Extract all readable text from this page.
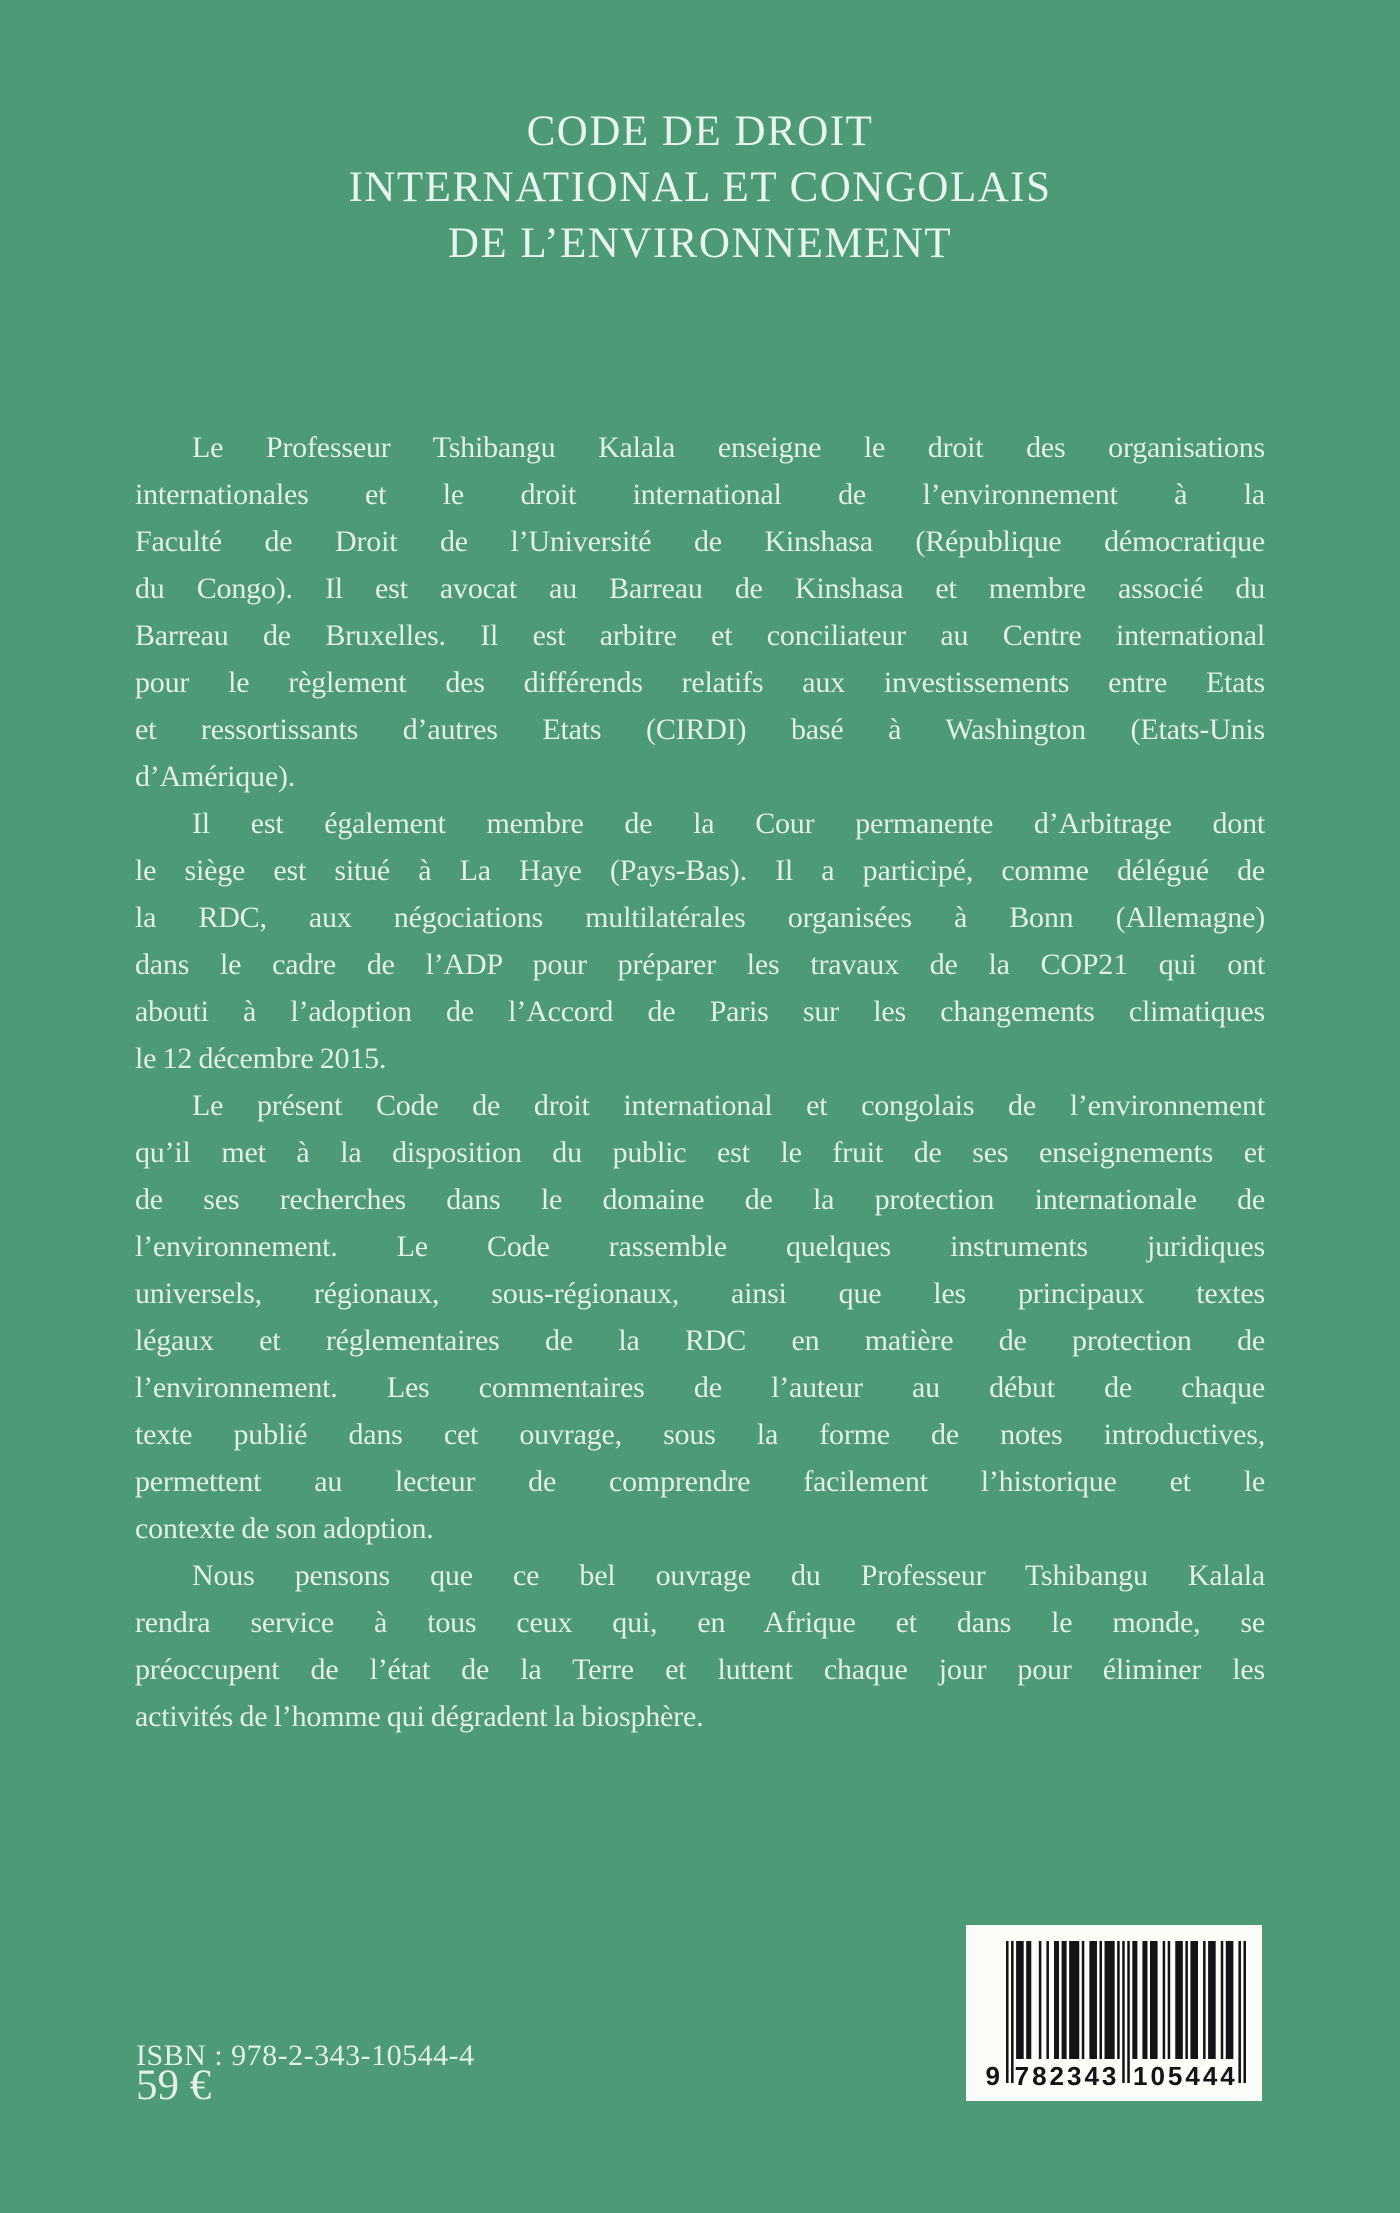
CODE DE DROIT
INTERNATIONAL ET CONGOLAIS
DE L’ENVIRONNEMENT
Le Professeur Tshibangu Kalala enseigne le droit des organisations
internationales et le droit international de l’environnement à la
Faculté de Droit de l’Université de Kinshasa (République démocratique
du Congo). Il est avocat au Barreau de Kinshasa et membre associé du
Barreau de Bruxelles. Il est arbitre et conciliateur au Centre international
pour le règlement des différends relatifs aux investissements entre Etats
et ressortissants d’autres Etats (CIRDI) basé à Washington (Etats-Unis
d’Amérique).
Il est également membre de la Cour permanente d’Arbitrage dont
le siège est situé à La Haye (Pays-Bas). Il a participé, comme délégué de
la RDC, aux négociations multilatérales organisées à Bonn (Allemagne)
dans le cadre de l’ADP pour préparer les travaux de la COP21 qui ont
abouti à l’adoption de l’Accord de Paris sur les changements climatiques
le 12 décembre 2015.
Le présent Code de droit international et congolais de l’environnement
qu’il met à la disposition du public est le fruit de ses enseignements et
de ses recherches dans le domaine de la protection internationale de
l’environnement. Le Code rassemble quelques instruments juridiques
universels, régionaux, sous-régionaux, ainsi que les principaux textes
légaux et réglementaires de la RDC en matière de protection de
l’environnement. Les commentaires de l’auteur au début de chaque
texte publié dans cet ouvrage, sous la forme de notes introductives,
permettent au lecteur de comprendre facilement l’historique et le
contexte de son adoption.
Nous pensons que ce bel ouvrage du Professeur Tshibangu Kalala
rendra service à tous ceux qui, en Afrique et dans le monde, se
préoccupent de l’état de la Terre et luttent chaque jour pour éliminer les
activités de l’homme qui dégradent la biosphère.
ISBN : 978-2-343-10544-4
59 €	9 782343 105444
